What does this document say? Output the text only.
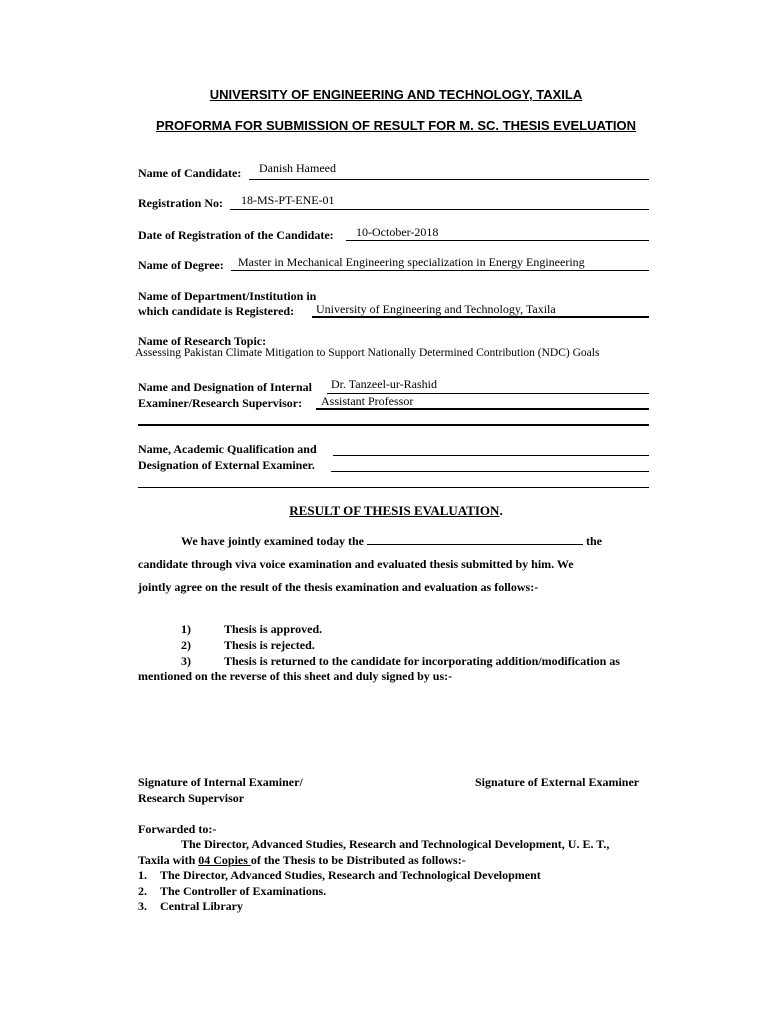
UNIVERSITY OF ENGINEERING AND TECHNOLOGY, TAXILA
PROFORMA FOR SUBMISSION OF RESULT FOR M. SC. THESIS EVELUATION
Name of Candidate: Danish Hameed
Registration No: 18-MS-PT-ENE-01
Date of Registration of the Candidate: 10-October-2018
Name of Degree: Master in Mechanical Engineering specialization in Energy Engineering
Name of Department/Institution in
which candidate is Registered: University of Engineering and Technology, Taxila
Name of Research Topic:
Assessing Pakistan Climate Mitigation to Support Nationally Determined Contribution (NDC) Goals
Name and Designation of Internal Dr. Tanzeel-ur-Rashid
Examiner/Research Supervisor: Assistant Professor
Name, Academic Qualification and
Designation of External Examiner.
RESULT OF THESIS EVALUATION.
We have jointly examined today the	the
candidate through viva voice examination and evaluated thesis submitted by him. We
jointly agree on the result of the thesis examination and evaluation as follows:-
1)	Thesis is approved.
2)	Thesis is rejected.
3)	Thesis is returned to the candidate for incorporating addition/modification as
mentioned on the reverse of this sheet and duly signed by us:-
Signature of Internal Examiner/
Research Supervisor
Signature of External Examiner
Forwarded to:-
The Director, Advanced Studies, Research and Technological Development, U. E. T.,
Taxila with 04 Copies of the Thesis to be Distributed as follows:-
1. The Director, Advanced Studies, Research and Technological Development
2. The Controller of Examinations.
3. Central Library
